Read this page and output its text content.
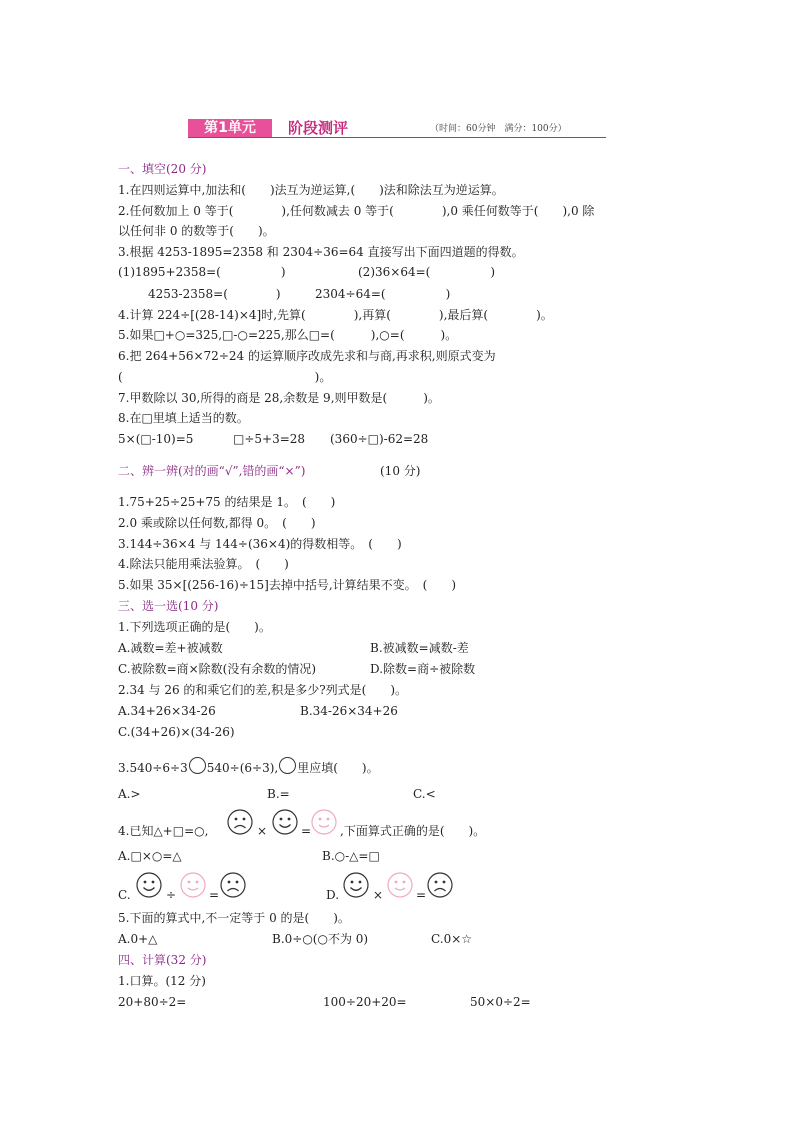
第1单元	阶段测评	（时间：60分钟　满分：100分）
一、填空(20 分)
1.在四则运算中,加法和(　　)法互为逆运算,(　　)法和除法互为逆运算。
2.任何数加上 0 等于(　　　　),任何数减去 0 等于(　　　　),0 乘任何数等于(　　),0 除
以任何非 0 的数等于(　　)。
3.根据 4253-1895=2358 和 2304÷36=64 直接写出下面四道题的得数。
(1)1895+2358=(　　　　　)	(2)36×64=(　　　　　)
4253-2358=(　　　　)	2304÷64=(　　　　　)
4.计算 224÷[(28-14)×4]时,先算(　　　　),再算(　　　　),最后算(　　　　)。
5.如果□+○=325,□-○=225,那么□=(　　　),○=(　　　)。
6.把 264+56×72÷24 的运算顺序改成先求和与商,再求积,则原式变为
(　　　　　　　　　　　　　　　　)。
7.甲数除以 30,所得的商是 28,余数是 9,则甲数是(　　　)。
8.在□里填上适当的数。
5×(□-10)=5	□÷5+3=28 (360÷□)-62=28
二、辨一辨(对的画“√”,错的画“×”)	(10 分)
1.75+25÷25+75 的结果是 1。　(　　)
2.0 乘或除以任何数,都得 0。　(　　)
3.144÷36×4 与 144÷(36×4)的得数相等。　(　　)
4.除法只能用乘法验算。　(　　)
5.如果 35×[(256-16)÷15]去掉中括号,计算结果不变。　(　　)
三、选一选(10 分)
1.下列选项正确的是(　　)。
A.减数=差+被减数	B.被减数=减数-差
C.被除数=商×除数(没有余数的情况)	D.除数=商÷被除数
2.34 与 26 的和乘它们的差,积是多少?列式是(　　)。
A.34+26×34-26	B.34-26×34+26
C.(34+26)×(34-26)
3.540÷6÷3 540÷(6÷3), 里应填(　　)。
A.>	B.=	C.<
4.已知△+□=○,	×	= ,下面算式正确的是(　　)。
A.□×○=△	B.○-△=□
C.	÷	=	D.	×	=
5.下面的算式中,不一定等于 0 的是(　　)。
A.0+△	B.0÷○(○不为 0)	C.0×☆
四、计算(32 分)
1.口算。(12 分)
20+80÷2=	100÷20+20=	50×0÷2=
